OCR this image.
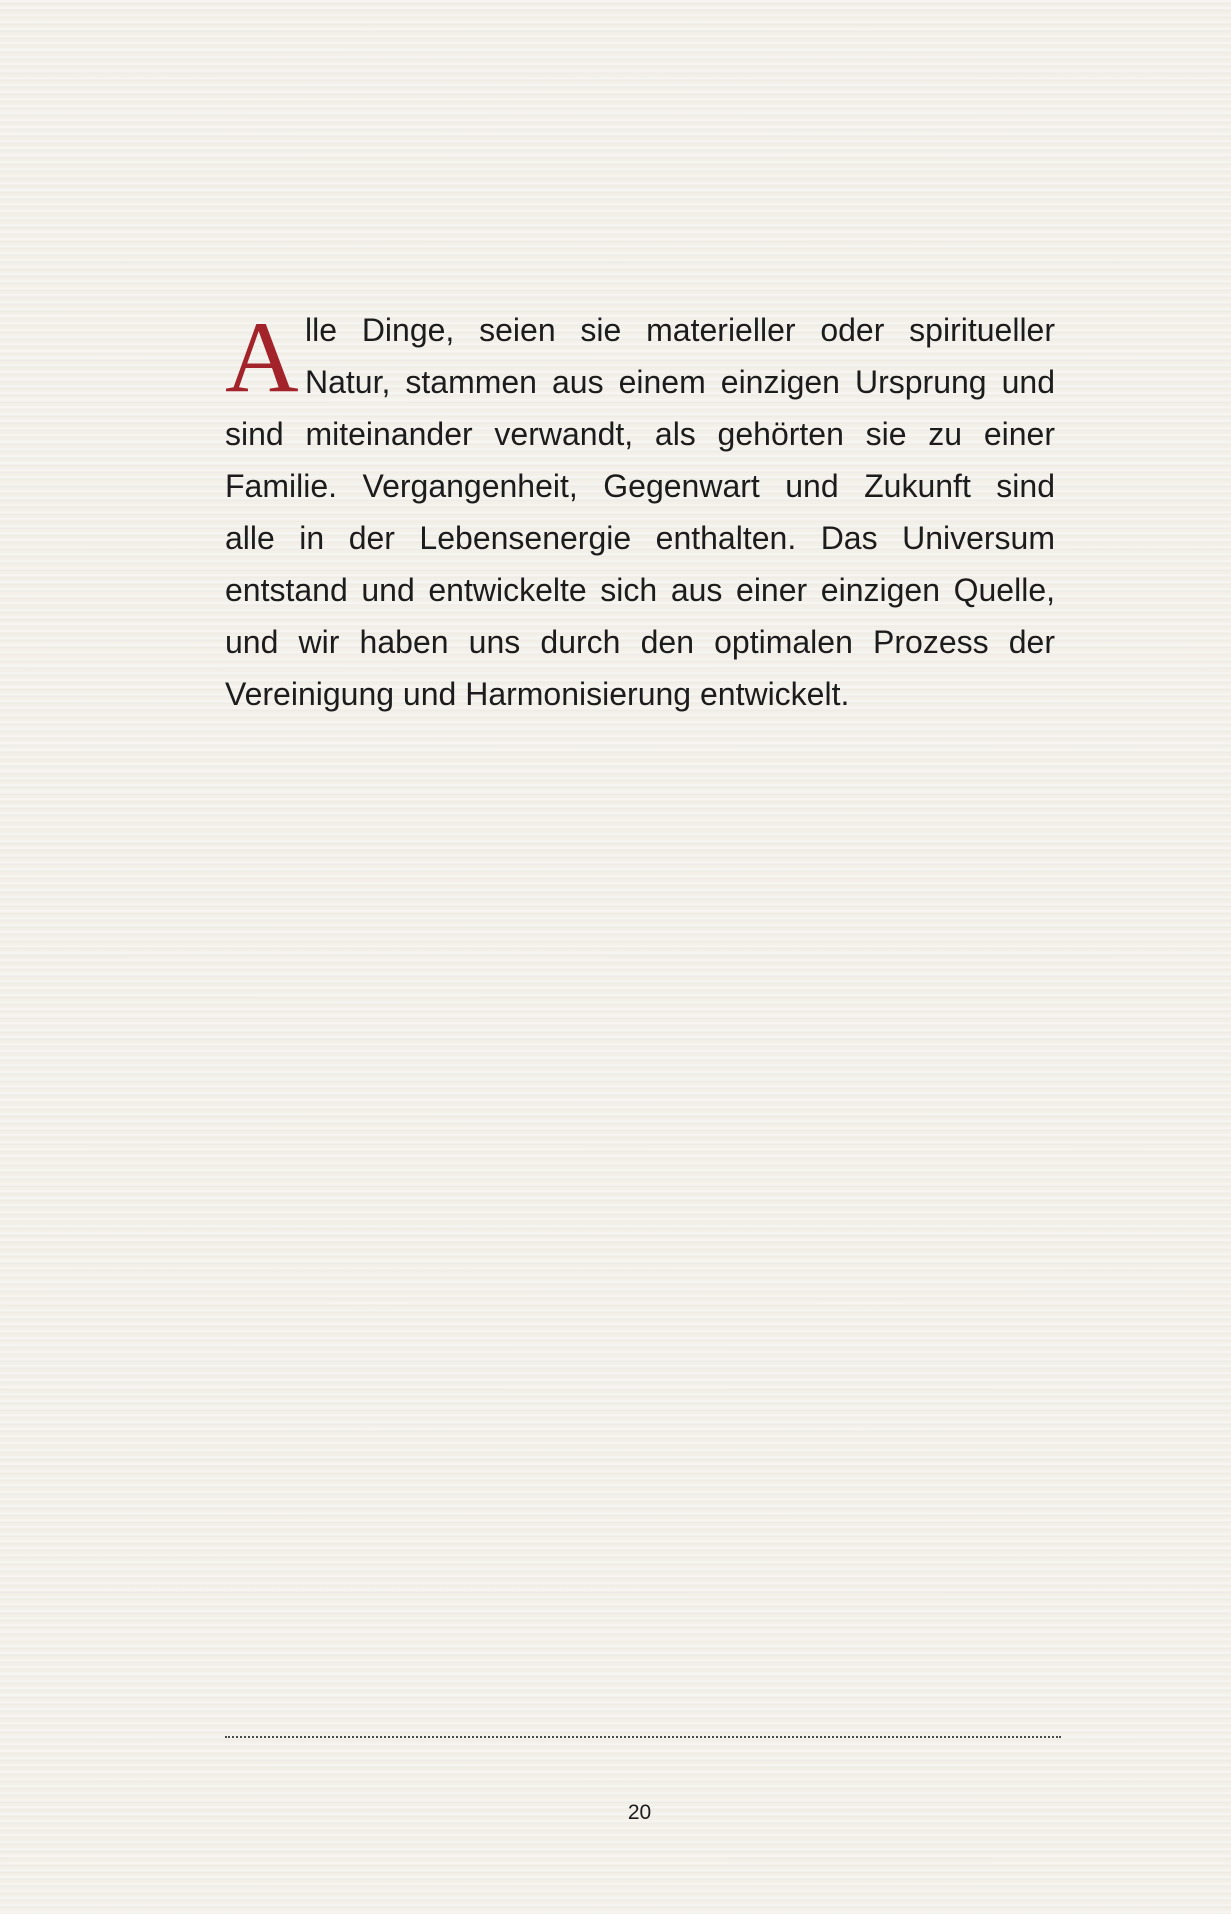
A lle Dinge, seien sie materieller oder spiritueller
Natur, stammen aus einem einzigen Ursprung und
sind miteinander verwandt, als gehörten sie zu einer
Familie. Vergangenheit, Gegenwart und Zukunft sind
alle in der Lebensenergie enthalten. Das Universum
entstand und entwickelte sich aus einer einzigen Quelle,
und wir haben uns durch den optimalen Prozess der
Vereinigung und Harmonisierung entwickelt.
20
